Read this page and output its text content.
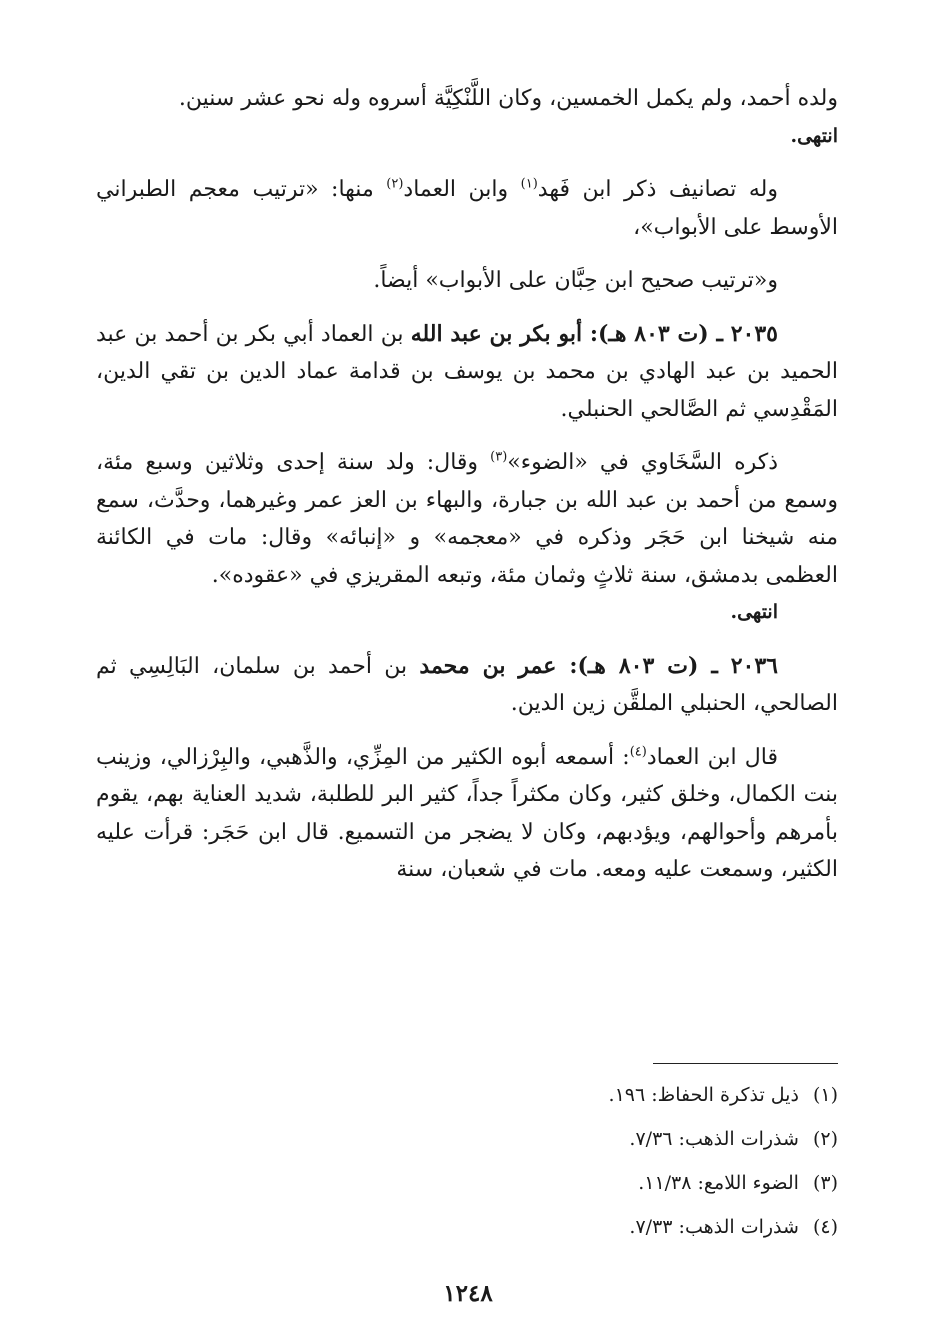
ولده أحمد، ولم يكمل الخمسين، وكان اللَّنْكِيَّة أسروه وله نحو عشر سنين.
انتهى.

وله تصانيف ذكر ابن فَهد$^{(١)}$ وابن العماد$^{(٢)}$ منها: «ترتيب معجم الطبراني الأوسط على الأبواب»،

و«ترتيب صحيح ابن حِبَّان على الأبواب» أيضاً.

٢٠٣٥ ـ (ت ٨٠٣ هـ): أبو بكر بن عبد الله بن العماد أبي بكر بن أحمد بن عبد الحميد بن عبد الهادي بن محمد بن يوسف بن قدامة عماد الدين بن تقي الدين، المَقْدِسي ثم الصَّالحي الحنبلي.

ذكره السَّخَاوي في «الضوء»$^{(٣)}$ وقال: ولد سنة إحدى وثلاثين وسبع مئة، وسمع من أحمد بن عبد الله بن جبارة، والبهاء بن العز عمر وغيرهما، وحدَّث، سمع منه شيخنا ابن حَجَر وذكره في «معجمه» و «إنبائه» وقال: مات في الكائنة العظمى بدمشق، سنة ثلاثٍ وثمان مئة، وتبعه المقريزي في «عقوده».
انتهى.

٢٠٣٦ ـ (ت ٨٠٣ هـ): عمر بن محمد بن أحمد بن سلمان، البَالِسِي ثم الصالحي، الحنبلي الملقَّن زين الدين.

قال ابن العماد$^{(٤)}$: أسمعه أبوه الكثير من المِزِّي، والذَّهبي، والبِرْزالي، وزينب بنت الكمال، وخلق كثير، وكان مكثراً جداً، كثير البر للطلبة، شديد العناية بهم، يقوم بأمرهم وأحوالهم، ويؤدبهم، وكان لا يضجر من التسميع. قال ابن حَجَر: قرأت عليه الكثير، وسمعت عليه ومعه. مات في شعبان، سنة

(١)ذيل تذكرة الحفاظ: ١٩٦.
(٢)شذرات الذهب: ٧/٣٦.
(٣)الضوء اللامع: ١١/٣٨.
(٤)شذرات الذهب: ٧/٣٣.
١٢٤٨
